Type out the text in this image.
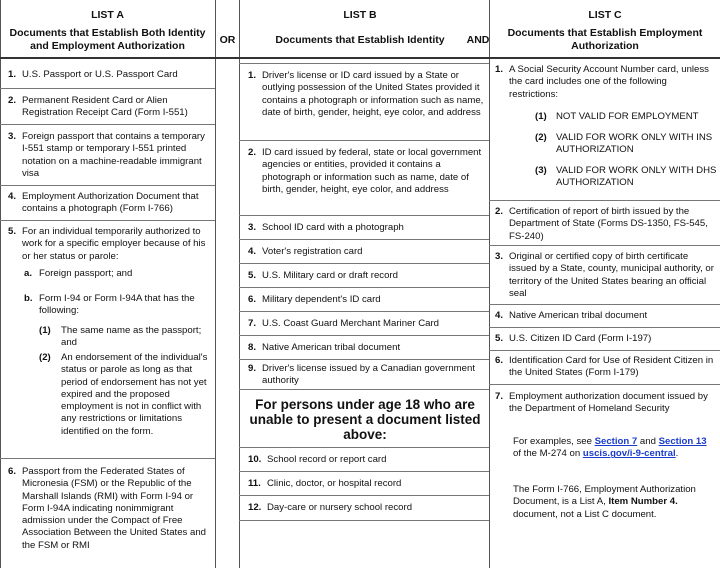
LIST A
Documents that Establish Both Identity and Employment Authorization	OR
LIST B
Documents that Establish Identity	AND
LIST C
Documents that Establish Employment Authorization
1. U.S. Passport or U.S. Passport Card
2. Permanent Resident Card or Alien Registration Receipt Card (Form I-551)
3. Foreign passport that contains a temporary I-551 stamp or temporary I-551 printed notation on a machine-readable immigrant visa
4. Employment Authorization Document that contains a photograph (Form I-766)
5. For an individual temporarily authorized to work for a specific employer because of his or her status or parole:
a. Foreign passport; and
b. Form I-94 or Form I-94A that has the following:
(1) The same name as the passport; and
(2) An endorsement of the individual's status or parole as long as that period of endorsement has not yet expired and the proposed employment is not in conflict with any restrictions or limitations identified on the form.
6. Passport from the Federated States of Micronesia (FSM) or the Republic of the Marshall Islands (RMI) with Form I-94 or Form I-94A indicating nonimmigrant admission under the Compact of Free Association Between the United States and the FSM or RMI
1. Driver's license or ID card issued by a State or outlying possession of the United States provided it contains a photograph or information such as name, date of birth, gender, height, eye color, and address
2. ID card issued by federal, state or local government agencies or entities, provided it contains a photograph or information such as name, date of birth, gender, height, eye color, and address
3. School ID card with a photograph
4. Voter's registration card
5. U.S. Military card or draft record
6. Military dependent's ID card
7. U.S. Coast Guard Merchant Mariner Card
8. Native American tribal document
9. Driver's license issued by a Canadian government authority
For persons under age 18 who are unable to present a document listed above:
10. School record or report card
11. Clinic, doctor, or hospital record
12. Day-care or nursery school record
1. A Social Security Account Number card, unless the card includes one of the following restrictions:
(1) NOT VALID FOR EMPLOYMENT
(2) VALID FOR WORK ONLY WITH INS AUTHORIZATION
(3) VALID FOR WORK ONLY WITH DHS AUTHORIZATION
2. Certification of report of birth issued by the Department of State (Forms DS-1350, FS-545, FS-240)
3. Original or certified copy of birth certificate issued by a State, county, municipal authority, or territory of the United States bearing an official seal
4. Native American tribal document
5. U.S. Citizen ID Card (Form I-197)
6. Identification Card for Use of Resident Citizen in the United States (Form I-179)
7. Employment authorization document issued by the Department of Homeland Security
For examples, see Section 7 and Section 13 of the M-274 on uscis.gov/i-9-central.
The Form I-766, Employment Authorization Document, is a List A, Item Number 4. document, not a List C document.
